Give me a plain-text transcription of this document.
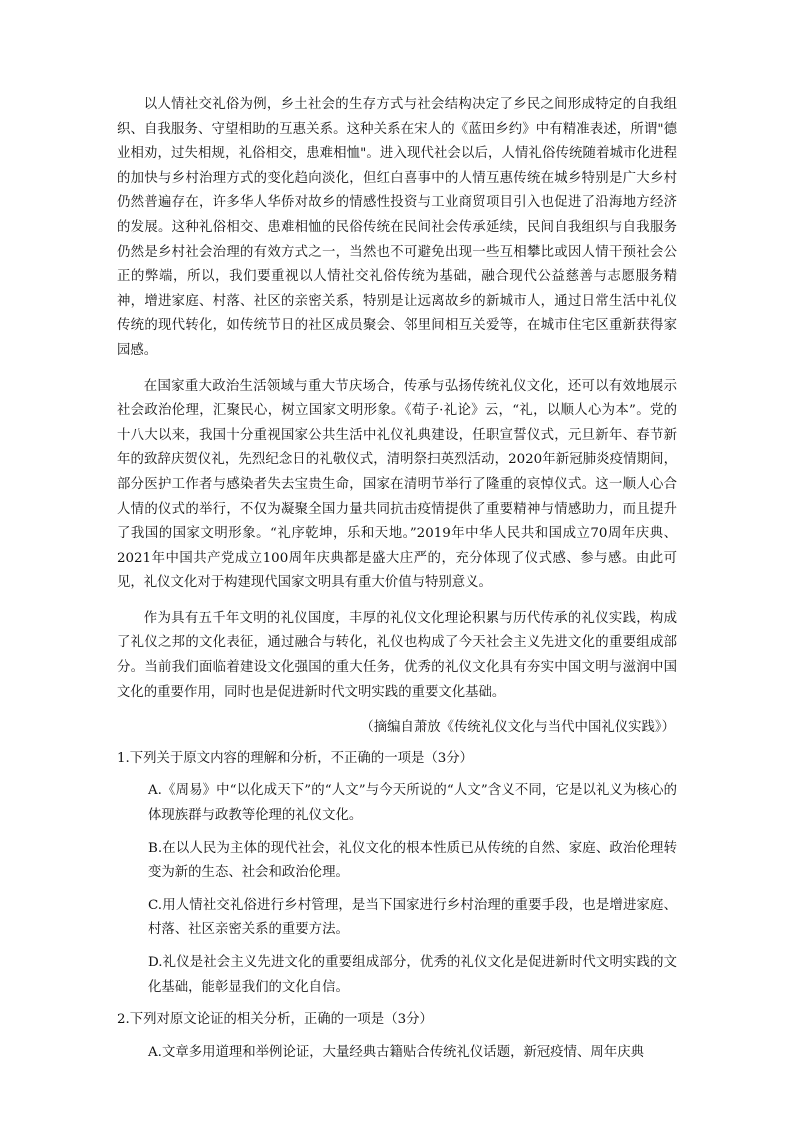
以人情社交礼俗为例，乡土社会的生存方式与社会结构决定了乡民之间形成特定的自我组织、自我服务、守望相助的互惠关系。这种关系在宋人的《蓝田乡约》中有精准表述，所谓"德业相劝，过失相规，礼俗相交，患难相恤"。进入现代社会以后，人情礼俗传统随着城市化进程的加快与乡村治理方式的变化趋向淡化，但红白喜事中的人情互惠传统在城乡特别是广大乡村仍然普遍存在，许多华人华侨对故乡的情感性投资与工业商贸项目引入也促进了沿海地方经济的发展。这种礼俗相交、患难相恤的民俗传统在民间社会传承延续，民间自我组织与自我服务仍然是乡村社会治理的有效方式之一，当然也不可避免出现一些互相攀比或因人情干预社会公正的弊端，所以，我们要重视以人情社交礼俗传统为基础，融合现代公益慈善与志愿服务精神，增进家庭、村落、社区的亲密关系，特别是让远离故乡的新城市人，通过日常生活中礼仪传统的现代转化，如传统节日的社区成员聚会、邻里间相互关爱等，在城市住宅区重新获得家园感。

在国家重大政治生活领域与重大节庆场合，传承与弘扬传统礼仪文化，还可以有效地展示社会政治伦理，汇聚民心，树立国家文明形象。《荀子·礼论》云，“礼，以顺人心为本”。党的十八大以来，我国十分重视国家公共生活中礼仪礼典建设，任职宣誓仪式，元旦新年、春节新年的致辞庆贺仪礼，先烈纪念日的礼敬仪式，清明祭扫英烈活动，2020年新冠肺炎疫情期间，部分医护工作者与感染者失去宝贵生命，国家在清明节举行了隆重的哀悼仪式。这一顺人心合人情的仪式的举行，不仅为凝聚全国力量共同抗击疫情提供了重要精神与情感助力，而且提升了我国的国家文明形象。“礼序乾坤，乐和天地。”2019年中华人民共和国成立70周年庆典、2021年中国共产党成立100周年庆典都是盛大庄严的，充分体现了仪式感、参与感。由此可见，礼仪文化对于构建现代国家文明具有重大价值与特别意义。

作为具有五千年文明的礼仪国度，丰厚的礼仪文化理论积累与历代传承的礼仪实践，构成了礼仪之邦的文化表征，通过融合与转化，礼仪也构成了今天社会主义先进文化的重要组成部分。当前我们面临着建设文化强国的重大任务，优秀的礼仪文化具有夯实中国文明与滋润中国文化的重要作用，同时也是促进新时代文明实践的重要文化基础。

（摘编自萧放《传统礼仪文化与当代中国礼仪实践》）
1.下列关于原文内容的理解和分析，不正确的一项是（3分）
A.《周易》中“以化成天下”的“人文”与今天所说的“人文”含义不同，它是以礼义为核心的体现族群与政教等伦理的礼仪文化。
B.在以人民为主体的现代社会，礼仪文化的根本性质已从传统的自然、家庭、政治伦理转变为新的生态、社会和政治伦理。
C.用人情社交礼俗进行乡村管理，是当下国家进行乡村治理的重要手段，也是增进家庭、村落、社区亲密关系的重要方法。
D.礼仪是社会主义先进文化的重要组成部分，优秀的礼仪文化是促进新时代文明实践的文化基础，能彰显我们的文化自信。
2.下列对原文论证的相关分析，正确的一项是（3分）
A.文章多用道理和举例论证，大量经典古籍贴合传统礼仪话题，新冠疫情、周年庆典
